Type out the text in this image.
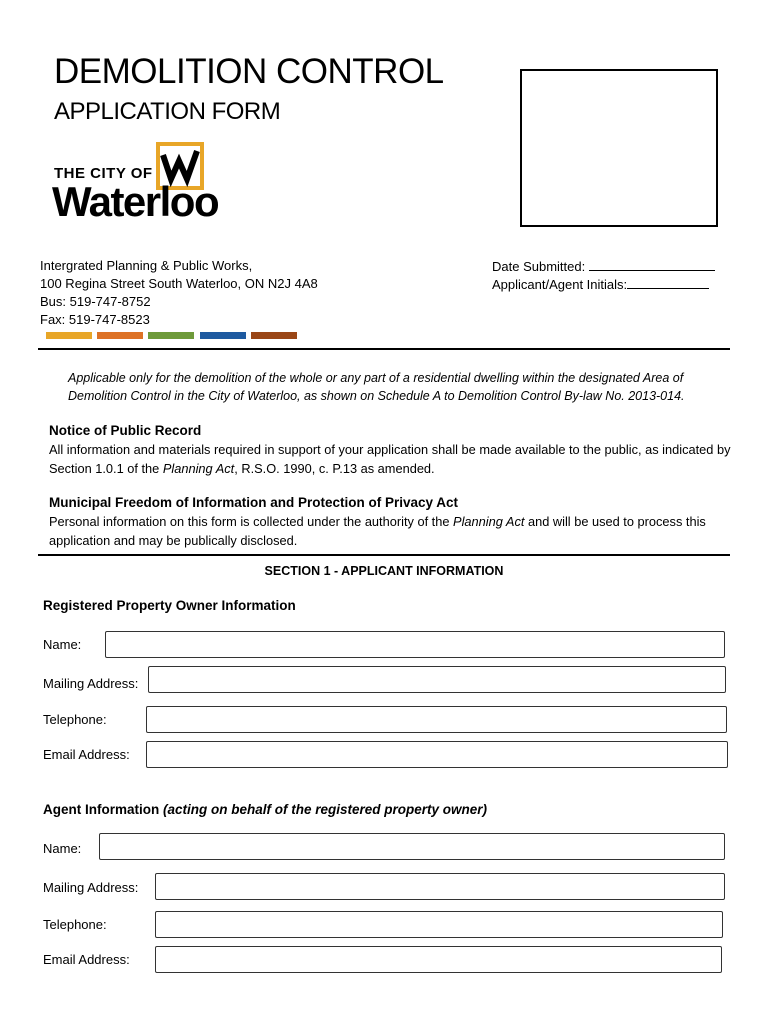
DEMOLITION CONTROL
APPLICATION FORM
THE CITY OF
Waterloo
Intergrated Planning & Public Works,
100 Regina Street South Waterloo, ON N2J 4A8
Bus: 519-747-8752
Fax: 519-747-8523
Date Submitted:
Applicant/Agent Initials:
Applicable only for the demolition of the whole or any part of a residential dwelling within the designated Area of Demolition Control in the City of Waterloo, as shown on Schedule A to Demolition Control By-law No. 2013-014.
Notice of Public Record
All information and materials required in support of your application shall be made available to the public, as indicated by Section 1.0.1 of the Planning Act, R.S.O. 1990, c. P.13 as amended.
Municipal Freedom of Information and Protection of Privacy Act
Personal information on this form is collected under the authority of the Planning Act and will be used to process this application and may be publically disclosed.
SECTION 1 - APPLICANT INFORMATION
Registered Property Owner Information
Name:
Mailing Address:
Telephone:
Email Address:
Agent Information (acting on behalf of the registered property owner)
Name:
Mailing Address:
Telephone:
Email Address:
